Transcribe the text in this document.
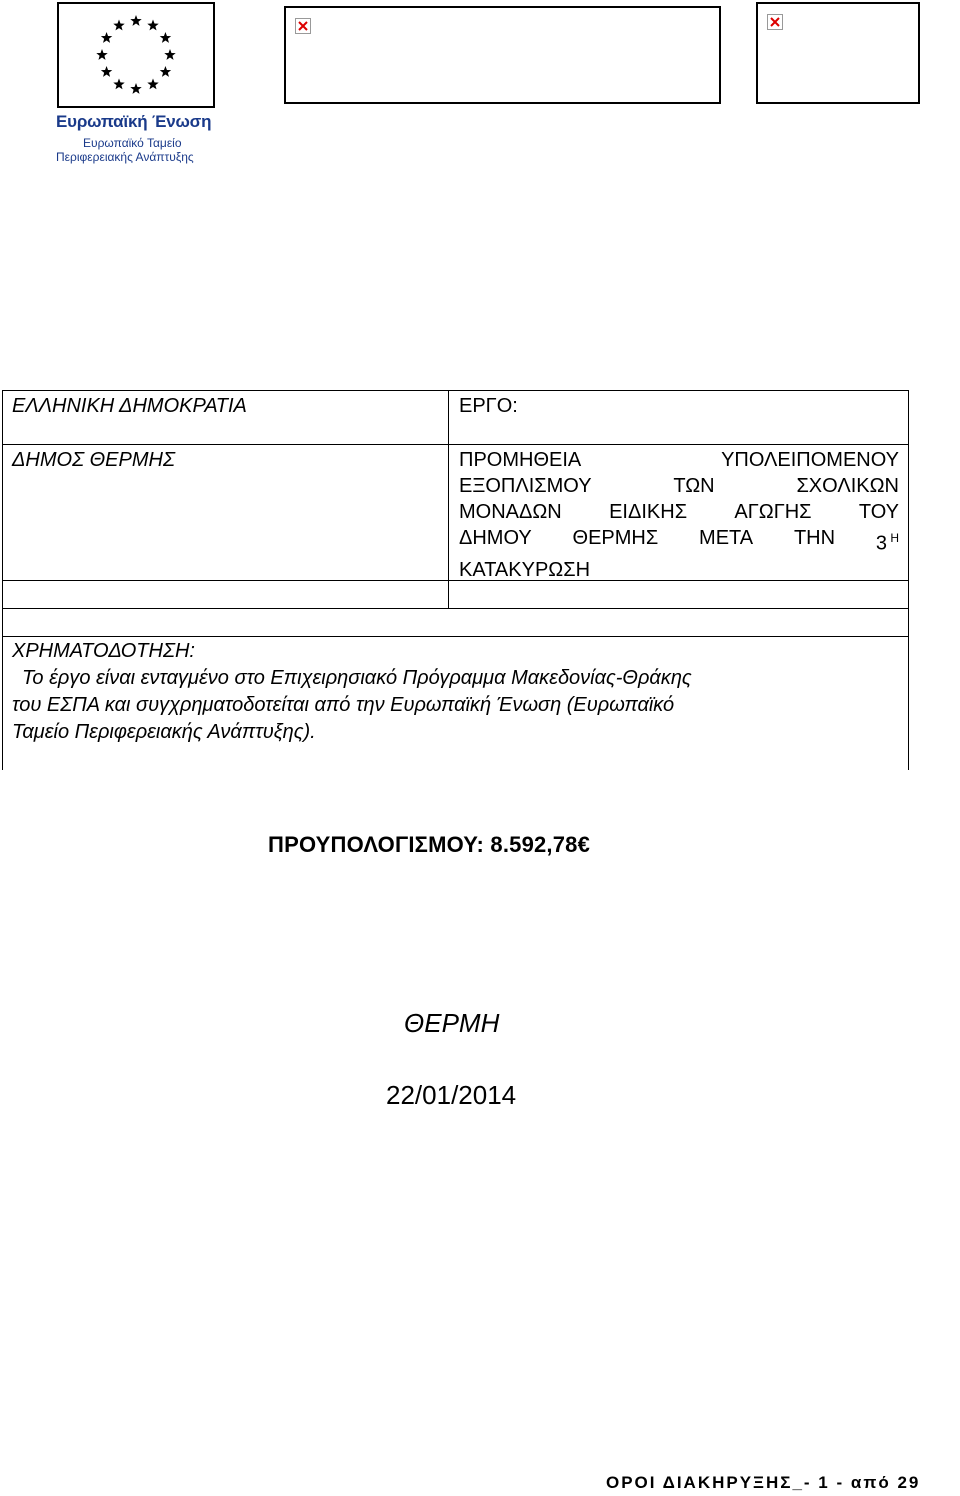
Ευρωπαϊκή Ένωση
Ευρωπαϊκό Ταμείο
Περιφερειακής Ανάπτυξης
ΕΛΛΗΝΙΚΗ ΔΗΜΟΚΡΑΤΙΑ	ΕΡΓΟ:
ΔΗΜΟΣ ΘΕΡΜΗΣ	ΠΡΟΜΗΘΕΙΑ	ΥΠΟΛΕΙΠΟΜΕΝΟΥ
ΕΞΟΠΛΙΣΜΟΥ	ΤΩΝ	ΣΧΟΛΙΚΩΝ
ΜΟΝΑΔΩΝ ΕΙΔΙΚΗΣ ΑΓΩΓΗΣ ΤΟΥ
ΔΗΜΟΥ ΘΕΡΜΗΣ ΜΕΤΑ ΤΗΝ 3 $^H$
ΚΑΤΑΚΥΡΩΣΗ
ΧΡΗΜΑΤΟΔΟΤΗΣΗ:
Το έργο είναι ενταγμένο στο Επιχειρησιακό Πρόγραμμα Μακεδονίας-Θράκης
του ΕΣΠΑ και συγχρηματοδοτείται από την Ευρωπαϊκή Ένωση (Ευρωπαϊκό
Ταμείο Περιφερειακής Ανάπτυξης).
ΠΡΟΥΠΟΛΟΓΙΣΜΟΥ: 8.592,78€
ΘΕΡΜΗ
22/01/2014
ΟΡΟΙ ΔΙΑΚΗΡΥΞΗΣ_- 1 - από 29
